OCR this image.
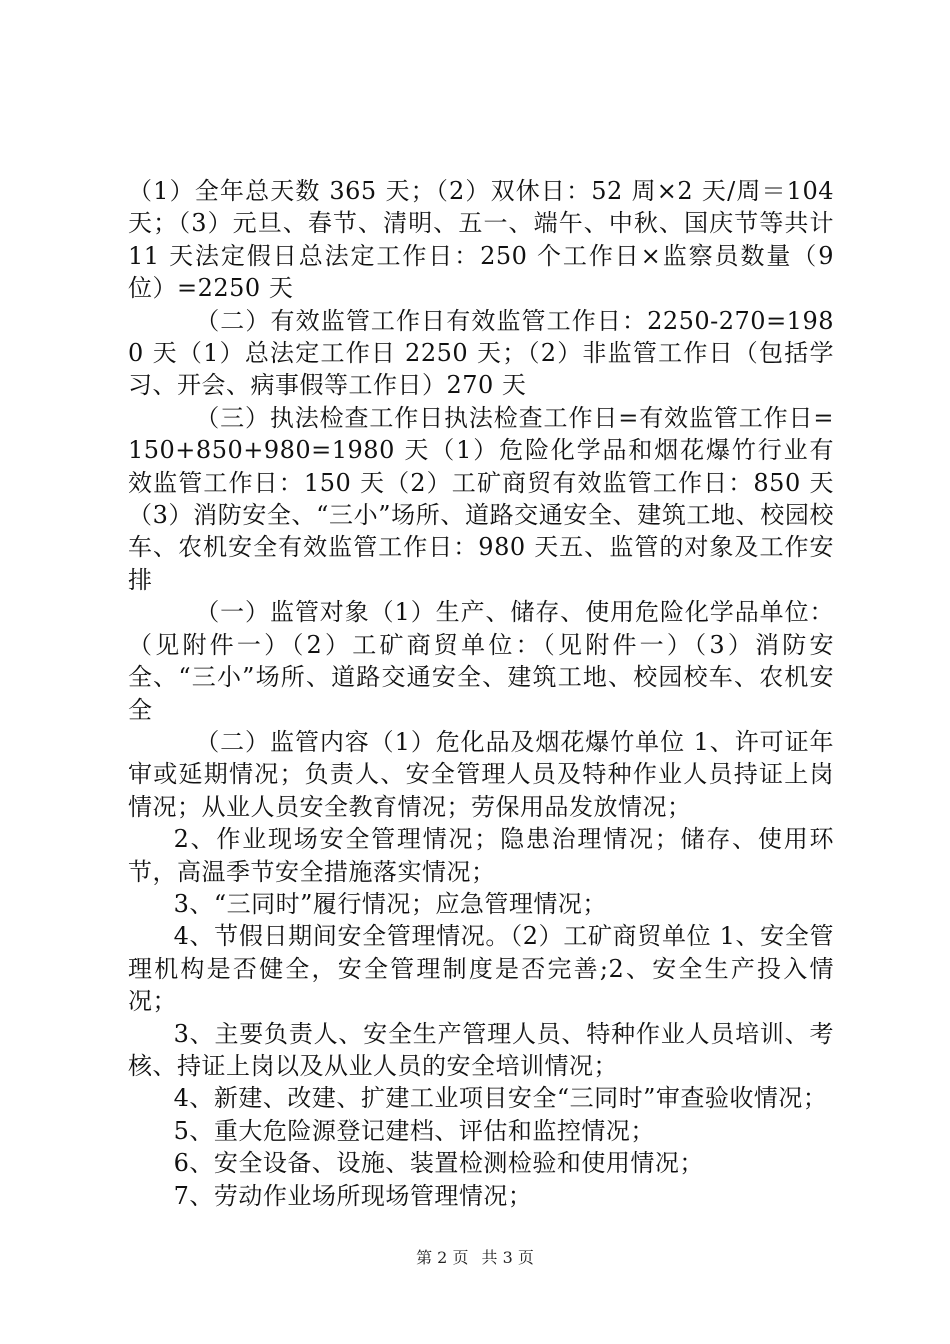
（1）全年总天数 365 天；（2）双休日：52 周×2 天/周＝104 天；（3）元旦、春节、清明、五一、端午、中秋、国庆节等共计 11 天法定假日总法定工作日：250 个工作日×监察员数量（9 位）=2250 天

（二）有效监管工作日有效监管工作日：2250-270=1980 天（1）总法定工作日 2250 天；（2）非监管工作日（包括学习、开会、病事假等工作日）270 天

（三）执法检查工作日执法检查工作日=有效监管工作日=150+850+980=1980 天（1）危险化学品和烟花爆竹行业有效监管工作日：150 天（2）工矿商贸有效监管工作日：850 天（3）消防安全、“三小”场所、道路交通安全、建筑工地、校园校车、农机安全有效监管工作日：980 天五、监管的对象及工作安排

（一）监管对象（1）生产、储存、使用危险化学品单位：（见附件一）（2）工矿商贸单位：（见附件一）（3）消防安全、“三小”场所、道路交通安全、建筑工地、校园校车、农机安全

（二）监管内容（1）危化品及烟花爆竹单位 1、许可证年审或延期情况；负责人、安全管理人员及特种作业人员持证上岗情况；从业人员安全教育情况；劳保用品发放情况；

2、作业现场安全管理情况；隐患治理情况；储存、使用环节，高温季节安全措施落实情况；

3、“三同时”履行情况；应急管理情况；

4、节假日期间安全管理情况。（2）工矿商贸单位 1、安全管理机构是否健全，安全管理制度是否完善;2、安全生产投入情况；

3、主要负责人、安全生产管理人员、特种作业人员培训、考核、持证上岗以及从业人员的安全培训情况；

4、新建、改建、扩建工业项目安全“三同时”审查验收情况；

5、重大危险源登记建档、评估和监控情况；

6、安全设备、设施、装置检测检验和使用情况；

7、劳动作业场所现场管理情况；

第 2 页 共 3 页
